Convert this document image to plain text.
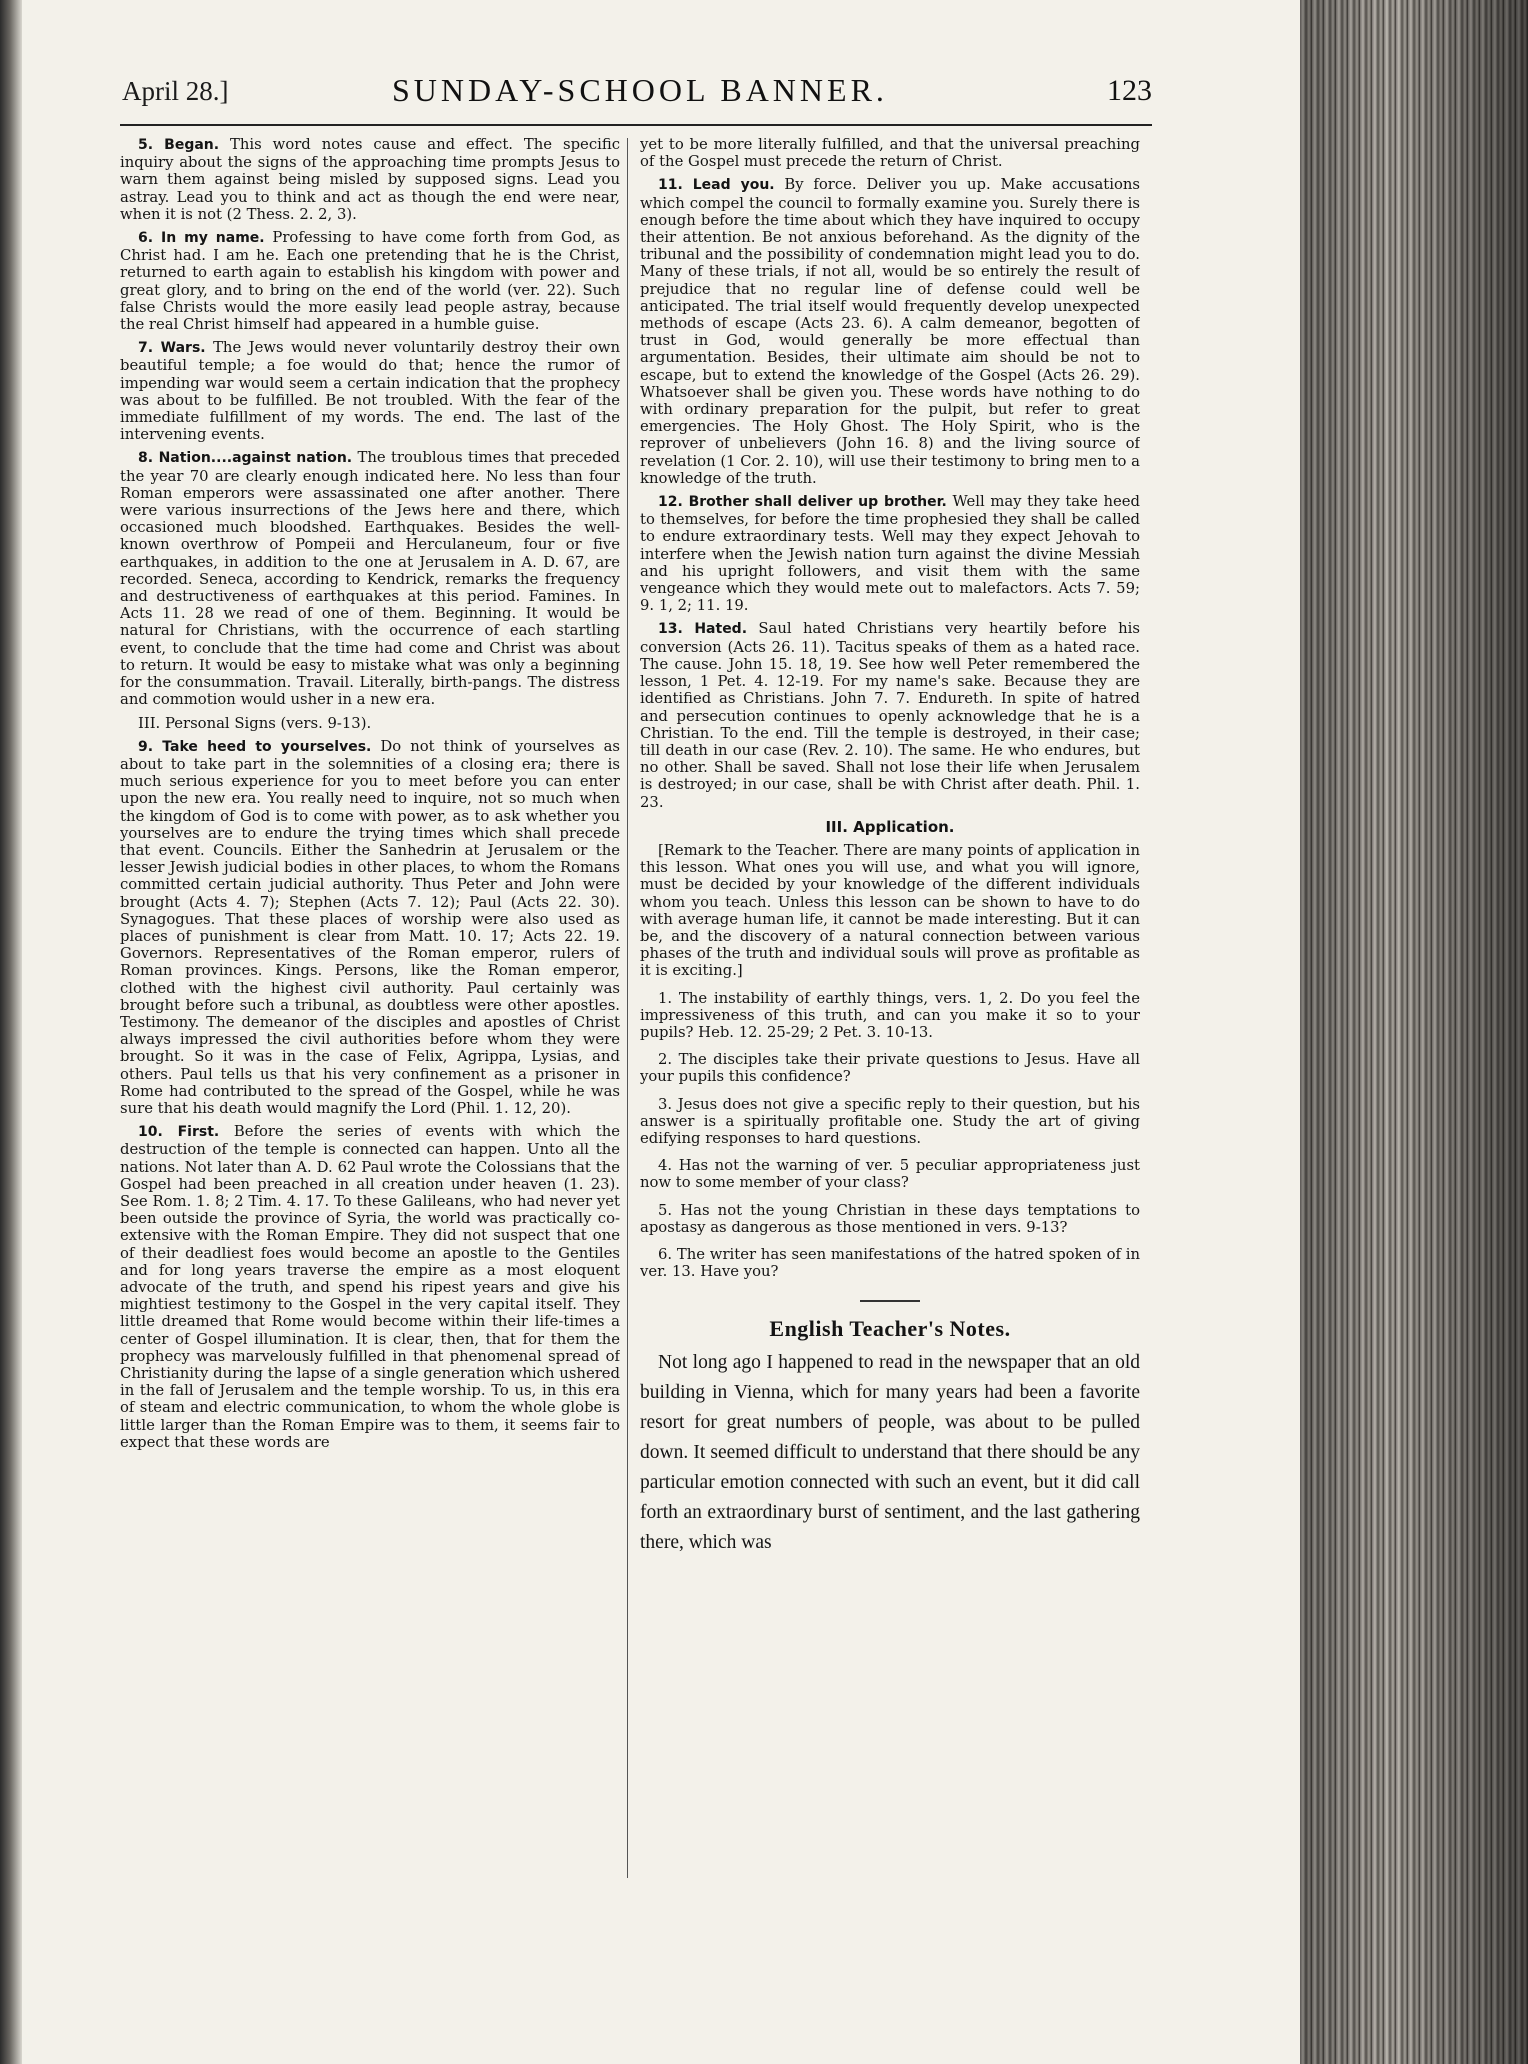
April 28.]	SUNDAY-SCHOOL BANNER.	123

5. Began. This word notes cause and effect. The specific inquiry about the signs of the approaching time prompts Jesus to warn them against being misled by supposed signs. Lead you astray. Lead you to think and act as though the end were near, when it is not (2 Thess. 2. 2, 3).

6. In my name. Professing to have come forth from God, as Christ had. I am he. Each one pretending that he is the Christ, returned to earth again to establish his kingdom with power and great glory, and to bring on the end of the world (ver. 22). Such false Christs would the more easily lead people astray, because the real Christ himself had appeared in a humble guise.

7. Wars. The Jews would never voluntarily destroy their own beautiful temple; a foe would do that; hence the rumor of impending war would seem a certain indication that the prophecy was about to be fulfilled. Be not troubled. With the fear of the immediate fulfillment of my words. The end. The last of the intervening events.

8. Nation....against nation. The troublous times that preceded the year 70 are clearly enough indicated here. No less than four Roman emperors were assassinated one after another. There were various insurrections of the Jews here and there, which occasioned much bloodshed. Earthquakes. Besides the well-known overthrow of Pompeii and Herculaneum, four or five earthquakes, in addition to the one at Jerusalem in A. D. 67, are recorded. Seneca, according to Kendrick, remarks the frequency and destructiveness of earthquakes at this period. Famines. In Acts 11. 28 we read of one of them. Beginning. It would be natural for Christians, with the occurrence of each startling event, to conclude that the time had come and Christ was about to return. It would be easy to mistake what was only a beginning for the consummation. Travail. Literally, birth-pangs. The distress and commotion would usher in a new era.

III. Personal Signs (vers. 9-13).

9. Take heed to yourselves. Do not think of yourselves as about to take part in the solemnities of a closing era; there is much serious experience for you to meet before you can enter upon the new era. You really need to inquire, not so much when the kingdom of God is to come with power, as to ask whether you yourselves are to endure the trying times which shall precede that event. Councils. Either the Sanhedrin at Jerusalem or the lesser Jewish judicial bodies in other places, to whom the Romans committed certain judicial authority. Thus Peter and John were brought (Acts 4. 7); Stephen (Acts 7. 12); Paul (Acts 22. 30). Synagogues. That these places of worship were also used as places of punishment is clear from Matt. 10. 17; Acts 22. 19. Governors. Representatives of the Roman emperor, rulers of Roman provinces. Kings. Persons, like the Roman emperor, clothed with the highest civil authority. Paul certainly was brought before such a tribunal, as doubtless were other apostles. Testimony. The demeanor of the disciples and apostles of Christ always impressed the civil authorities before whom they were brought. So it was in the case of Felix, Agrippa, Lysias, and others. Paul tells us that his very confinement as a prisoner in Rome had contributed to the spread of the Gospel, while he was sure that his death would magnify the Lord (Phil. 1. 12, 20).

10. First. Before the series of events with which the destruction of the temple is connected can happen. Unto all the nations. Not later than A. D. 62 Paul wrote the Colossians that the Gospel had been preached in all creation under heaven (1. 23). See Rom. 1. 8; 2 Tim. 4. 17. To these Galileans, who had never yet been outside the province of Syria, the world was practically co-extensive with the Roman Empire. They did not suspect that one of their deadliest foes would become an apostle to the Gentiles and for long years traverse the empire as a most eloquent advocate of the truth, and spend his ripest years and give his mightiest testimony to the Gospel in the very capital itself. They little dreamed that Rome would become within their life-times a center of Gospel illumination. It is clear, then, that for them the prophecy was marvelously fulfilled in that phenomenal spread of Christianity during the lapse of a single generation which ushered in the fall of Jerusalem and the temple worship. To us, in this era of steam and electric communication, to whom the whole globe is little larger than the Roman Empire was to them, it seems fair to expect that these words are

yet to be more literally fulfilled, and that the universal preaching of the Gospel must precede the return of Christ.

11. Lead you. By force. Deliver you up. Make accusations which compel the council to formally examine you. Surely there is enough before the time about which they have inquired to occupy their attention. Be not anxious beforehand. As the dignity of the tribunal and the possibility of condemnation might lead you to do. Many of these trials, if not all, would be so entirely the result of prejudice that no regular line of defense could well be anticipated. The trial itself would frequently develop unexpected methods of escape (Acts 23. 6). A calm demeanor, begotten of trust in God, would generally be more effectual than argumentation. Besides, their ultimate aim should be not to escape, but to extend the knowledge of the Gospel (Acts 26. 29). Whatsoever shall be given you. These words have nothing to do with ordinary preparation for the pulpit, but refer to great emergencies. The Holy Ghost. The Holy Spirit, who is the reprover of unbelievers (John 16. 8) and the living source of revelation (1 Cor. 2. 10), will use their testimony to bring men to a knowledge of the truth.

12. Brother shall deliver up brother. Well may they take heed to themselves, for before the time prophesied they shall be called to endure extraordinary tests. Well may they expect Jehovah to interfere when the Jewish nation turn against the divine Messiah and his upright followers, and visit them with the same vengeance which they would mete out to malefactors. Acts 7. 59; 9. 1, 2; 11. 19.

13. Hated. Saul hated Christians very heartily before his conversion (Acts 26. 11). Tacitus speaks of them as a hated race. The cause. John 15. 18, 19. See how well Peter remembered the lesson, 1 Pet. 4. 12-19. For my name's sake. Because they are identified as Christians. John 7. 7. Endureth. In spite of hatred and persecution continues to openly acknowledge that he is a Christian. To the end. Till the temple is destroyed, in their case; till death in our case (Rev. 2. 10). The same. He who endures, but no other. Shall be saved. Shall not lose their life when Jerusalem is destroyed; in our case, shall be with Christ after death. Phil. 1. 23.

III. Application.

[Remark to the Teacher. There are many points of application in this lesson. What ones you will use, and what you will ignore, must be decided by your knowledge of the different individuals whom you teach. Unless this lesson can be shown to have to do with average human life, it cannot be made interesting. But it can be, and the discovery of a natural connection between various phases of the truth and individual souls will prove as profitable as it is exciting.]

1. The instability of earthly things, vers. 1, 2. Do you feel the impressiveness of this truth, and can you make it so to your pupils? Heb. 12. 25-29; 2 Pet. 3. 10-13.

2. The disciples take their private questions to Jesus. Have all your pupils this confidence?

3. Jesus does not give a specific reply to their question, but his answer is a spiritually profitable one. Study the art of giving edifying responses to hard questions.

4. Has not the warning of ver. 5 peculiar appropriateness just now to some member of your class?

5. Has not the young Christian in these days temptations to apostasy as dangerous as those mentioned in vers. 9-13?

6. The writer has seen manifestations of the hatred spoken of in ver. 13. Have you?

English Teacher's Notes.

Not long ago I happened to read in the newspaper that an old building in Vienna, which for many years had been a favorite resort for great numbers of people, was about to be pulled down. It seemed difficult to understand that there should be any particular emotion connected with such an event, but it did call forth an extraordinary burst of sentiment, and the last gathering there, which was
